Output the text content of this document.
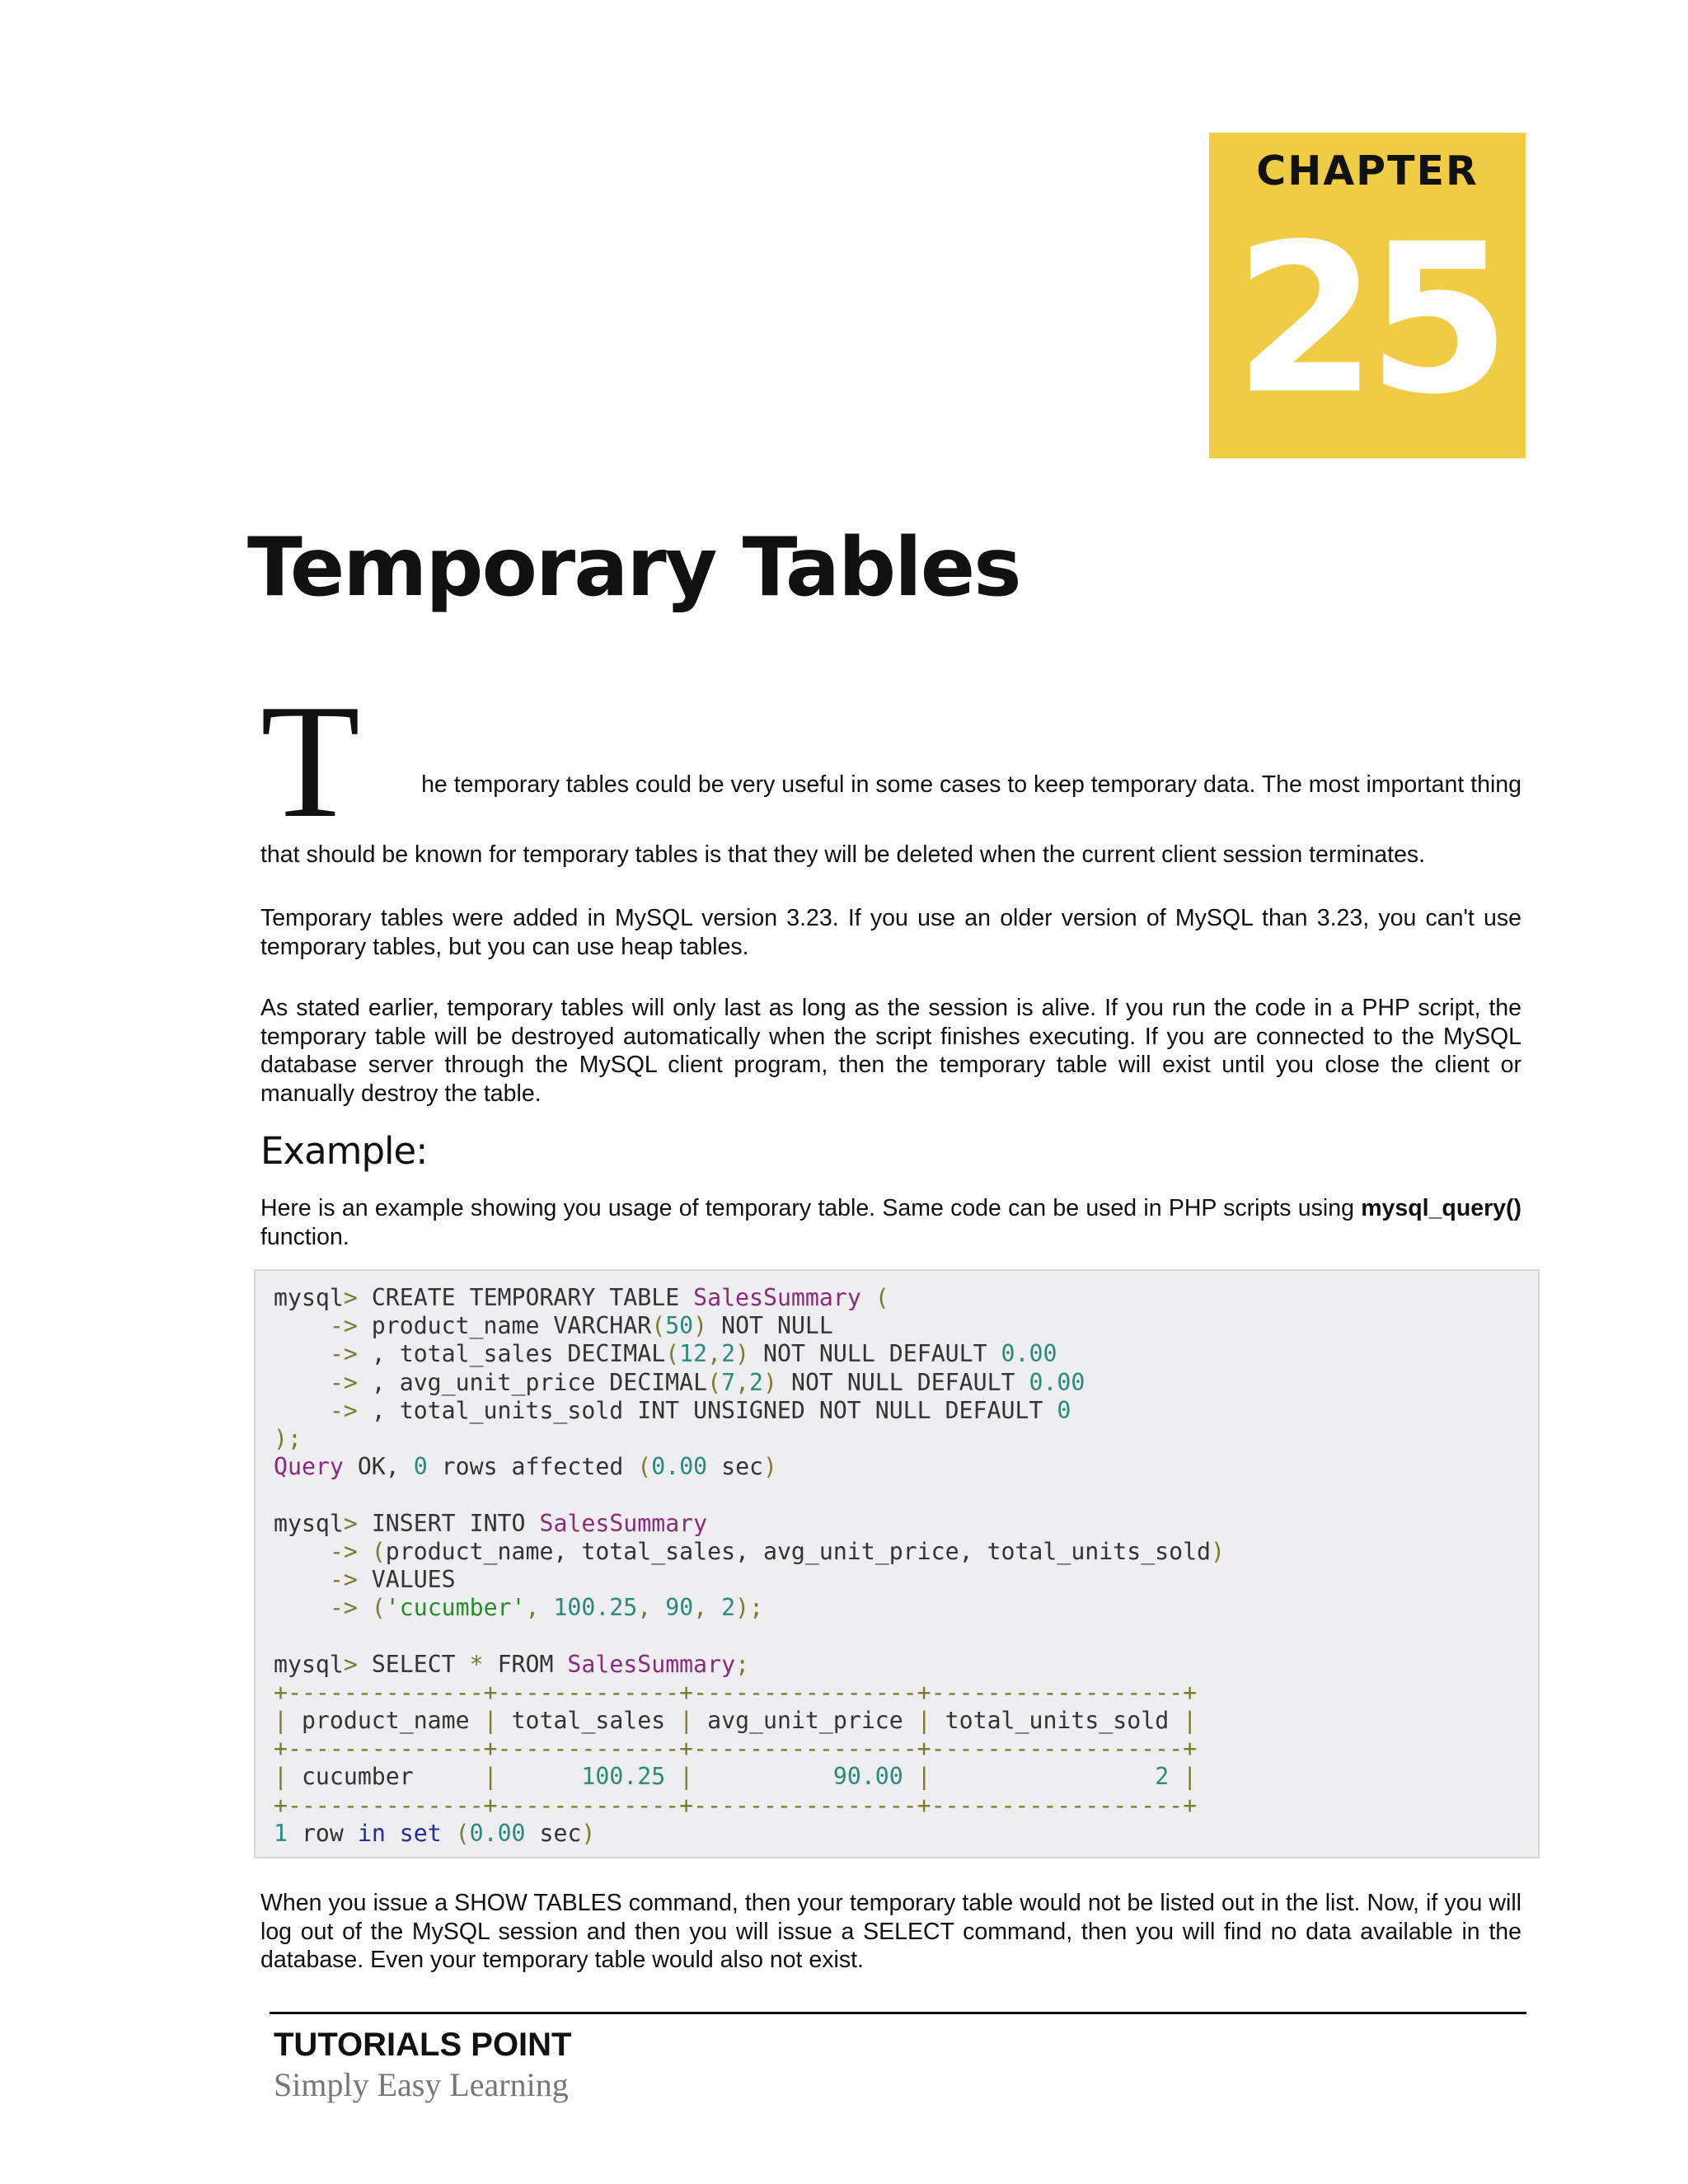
CHAPTER
25
Temporary Tables
T	he temporary tables could be very useful in some cases to keep temporary data. The most important thing
that should be known for temporary tables is that they will be deleted when the current client session terminates.

Temporary tables were added in MySQL version 3.23. If you use an older version of MySQL than 3.23, you can't use temporary tables, but you can use heap tables.

As stated earlier, temporary tables will only last as long as the session is alive. If you run the code in a PHP script, the temporary table will be destroyed automatically when the script finishes executing. If you are connected to the MySQL database server through the MySQL client program, then the temporary table will exist until you close the client or manually destroy the table.

Example:

Here is an example showing you usage of temporary table. Same code can be used in PHP scripts using mysql_query() function.

mysql> CREATE TEMPORARY TABLE SalesSummary (
-> product_name VARCHAR(50) NOT NULL
-> , total_sales DECIMAL(12,2) NOT NULL DEFAULT 0.00
-> , avg_unit_price DECIMAL(7,2) NOT NULL DEFAULT 0.00
-> , total_units_sold INT UNSIGNED NOT NULL DEFAULT 0
);
Query OK, 0 rows affected (0.00 sec)

mysql> INSERT INTO SalesSummary
-> (product_name, total_sales, avg_unit_price, total_units_sold)
-> VALUES
-> ('cucumber', 100.25, 90, 2);

mysql> SELECT * FROM SalesSummary;
+--------------+-------------+----------------+------------------+
| product_name | total_sales | avg_unit_price | total_units_sold |
+--------------+-------------+----------------+------------------+
| cucumber     |      100.25 |          90.00 |                2 |
+--------------+-------------+----------------+------------------+
1 row in set (0.00 sec)

When you issue a SHOW TABLES command, then your temporary table would not be listed out in the list. Now, if you will log out of the MySQL session and then you will issue a SELECT command, then you will find no data available in the database. Even your temporary table would also not exist.

TUTORIALS POINT
Simply Easy Learning
